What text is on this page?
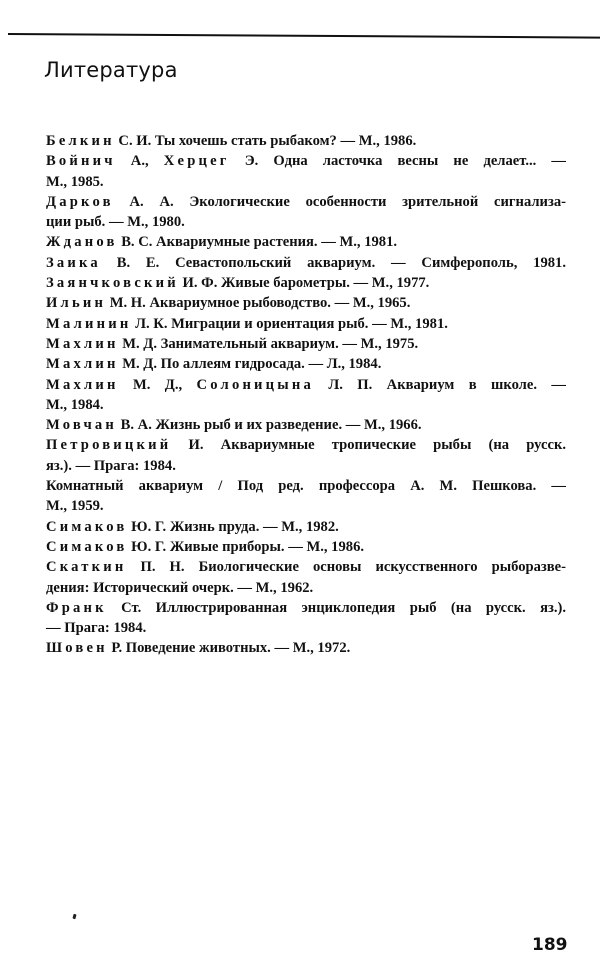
Литература
Белкин С. И. Ты хочешь стать рыбаком? — М., 1986.
Войнич А., Херцег Э. Одна ласточка весны не делает... —
М., 1985.
Дарков А. А. Экологические особенности зрительной сигнализа-
ции рыб. — М., 1980.
Жданов В. С. Аквариумные растения. — М., 1981.
Заика В. Е. Севастопольский аквариум. — Симферополь, 1981.
Заянчковский И. Ф. Живые барометры. — М., 1977.
Ильин М. Н. Аквариумное рыбоводство. — М., 1965.
Малинин Л. К. Миграции и ориентация рыб. — М., 1981.
Махлин М. Д. Занимательный аквариум. — М., 1975.
Махлин М. Д. По аллеям гидросада. — Л., 1984.
Махлин М. Д., Солоницына Л. П. Аквариум в школе. —
М., 1984.
Мовчан В. А. Жизнь рыб и их разведение. — М., 1966.
Петровицкий И. Аквариумные тропические рыбы (на русск.
яз.). — Прага: 1984.
Комнатный аквариум / Под ред. профессора А. М. Пешкова. —
М., 1959.
Симаков Ю. Г. Жизнь пруда. — М., 1982.
Симаков Ю. Г. Живые приборы. — М., 1986.
Скаткин П. Н. Биологические основы искусственного рыборазве-
дения: Исторический очерк. — М., 1962.
Франк Ст. Иллюстрированная энциклопедия рыб (на русск. яз.).
— Прага: 1984.
Шовен Р. Поведение животных. — М., 1972.
189
